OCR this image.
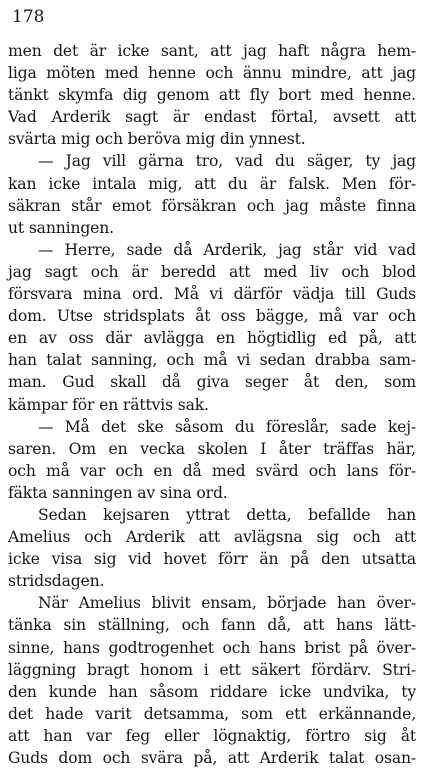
178
men det är icke sant, att jag haft några hem-
liga möten med henne och ännu mindre, att jag
tänkt skymfa dig genom att fly bort med henne.
Vad Arderik sagt är endast förtal, avsett att
svärta mig och beröva mig din ynnest.
— Jag vill gärna tro, vad du säger, ty jag
kan icke intala mig, att du är falsk. Men för-
säkran står emot försäkran och jag måste finna
ut sanningen.
— Herre, sade då Arderik, jag står vid vad
jag sagt och är beredd att med liv och blod
försvara mina ord. Må vi därför vädja till Guds
dom. Utse stridsplats åt oss bägge, må var och
en av oss där avlägga en högtidlig ed på, att
han talat sanning, och må vi sedan drabba sam-
man. Gud skall då giva seger åt den, som
kämpar för en rättvis sak.
— Må det ske såsom du föreslår, sade kej-
saren. Om en vecka skolen I åter träffas här,
och må var och en då med svärd och lans för-
fäkta sanningen av sina ord.
Sedan kejsaren yttrat detta, befallde han
Amelius och Arderik att avlägsna sig och att
icke visa sig vid hovet förr än på den utsatta
stridsdagen.
När Amelius blivit ensam, började han över-
tänka sin ställning, och fann då, att hans lätt-
sinne, hans godtrogenhet och hans brist på över-
läggning bragt honom i ett säkert fördärv. Stri-
den kunde han såsom riddare icke undvika, ty
det hade varit detsamma, som ett erkännande,
att han var feg eller lögnaktig, förtro sig åt
Guds dom och svära på, att Arderik talat osan-
